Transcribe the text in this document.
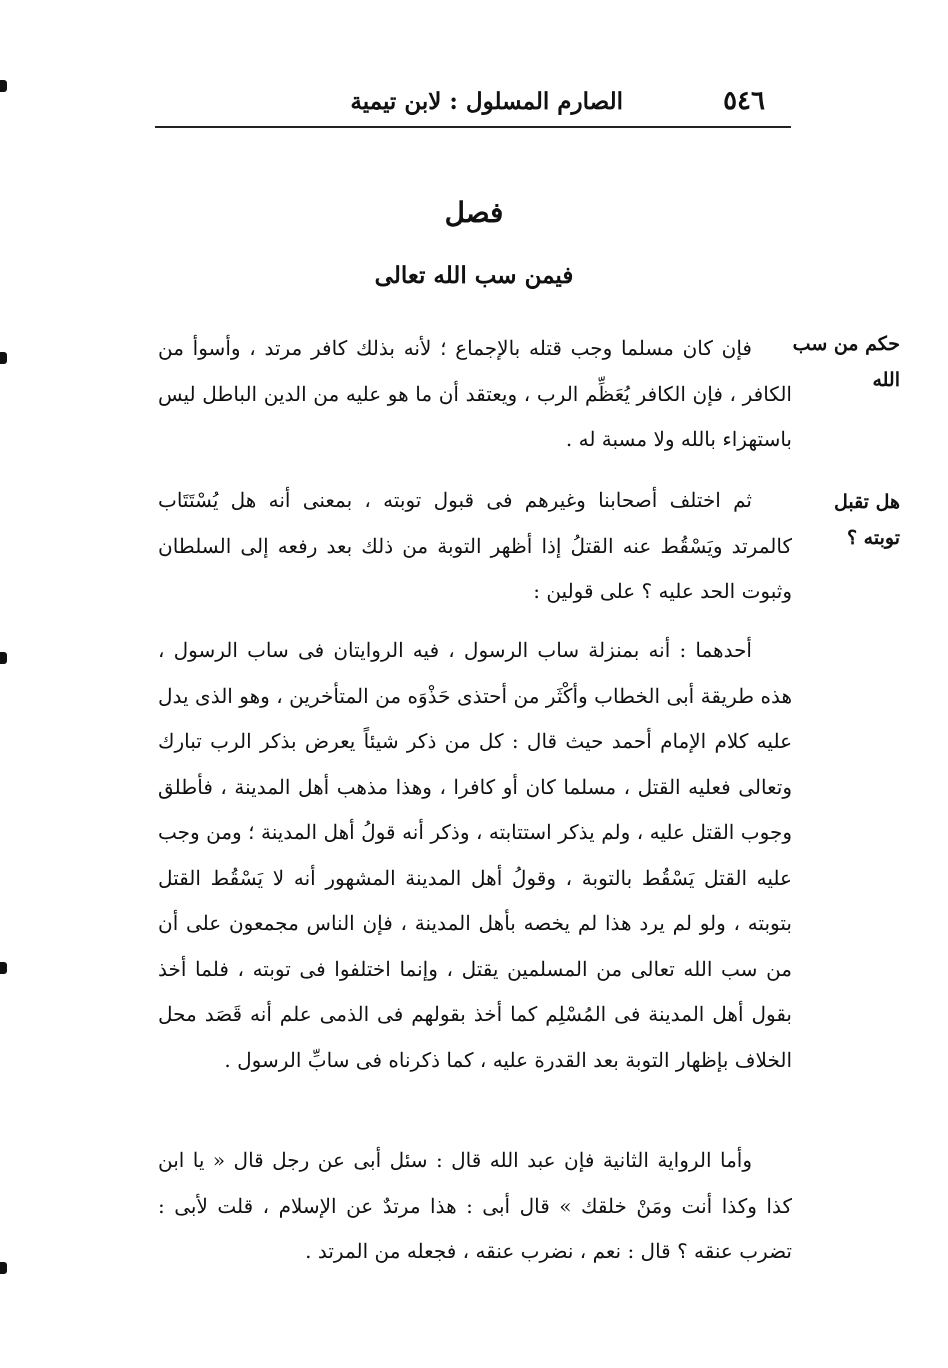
٥٤٦
الصارم المسلول : لابن تيمية
فصل
فيمن سب الله تعالى
حكم من سب الله
هل تقبل توبته ؟

فإن كان مسلما وجب قتله بالإجماع ؛ لأنه بذلك كافر مرتد ، وأسوأ من الكافر ، فإن الكافر يُعَظِّم الرب ، ويعتقد أن ما هو عليه من الدين الباطل ليس باستهزاء بالله ولا مسبة له .

ثم اختلف أصحابنا وغيرهم فى قبول توبته ، بمعنى أنه هل يُسْتَتَاب كالمرتد ويَسْقُط عنه القتلُ إذا أظهر التوبة من ذلك بعد رفعه إلى السلطان وثبوت الحد عليه ؟ على قولين :

أحدهما : أنه بمنزلة ساب الرسول ، فيه الروايتان فى ساب الرسول ، هذه طريقة أبى الخطاب وأكْثَر من أحتذى حَذْوَه من المتأخرين ، وهو الذى يدل عليه كلام الإمام أحمد حيث قال : كل من ذكر شيئاً يعرض بذكر الرب تبارك وتعالى فعليه القتل ، مسلما كان أو كافرا ، وهذا مذهب أهل المدينة ، فأطلق وجوب القتل عليه ، ولم يذكر استتابته ، وذكر أنه قولُ أهل المدينة ؛ ومن وجب عليه القتل يَسْقُط بالتوبة ، وقولُ أهل المدينة المشهور أنه لا يَسْقُط القتل بتوبته ، ولو لم يرد هذا لم يخصه بأهل المدينة ، فإن الناس مجمعون على أن من سب الله تعالى من المسلمين يقتل ، وإنما اختلفوا فى توبته ، فلما أخذ بقول أهل المدينة فى المُسْلِم كما أخذ بقولهم فى الذمى علم أنه قَصَد محل الخلاف بإظهار التوبة بعد القدرة عليه ، كما ذكرناه فى سابِّ الرسول .

وأما الرواية الثانية فإن عبد الله قال : سئل أبى عن رجل قال « يا ابن كذا وكذا أنت ومَنْ خلقك » قال أبى : هذا مرتدٌ عن الإسلام ، قلت لأبى : تضرب عنقه ؟ قال : نعم ، نضرب عنقه ، فجعله من المرتد .
